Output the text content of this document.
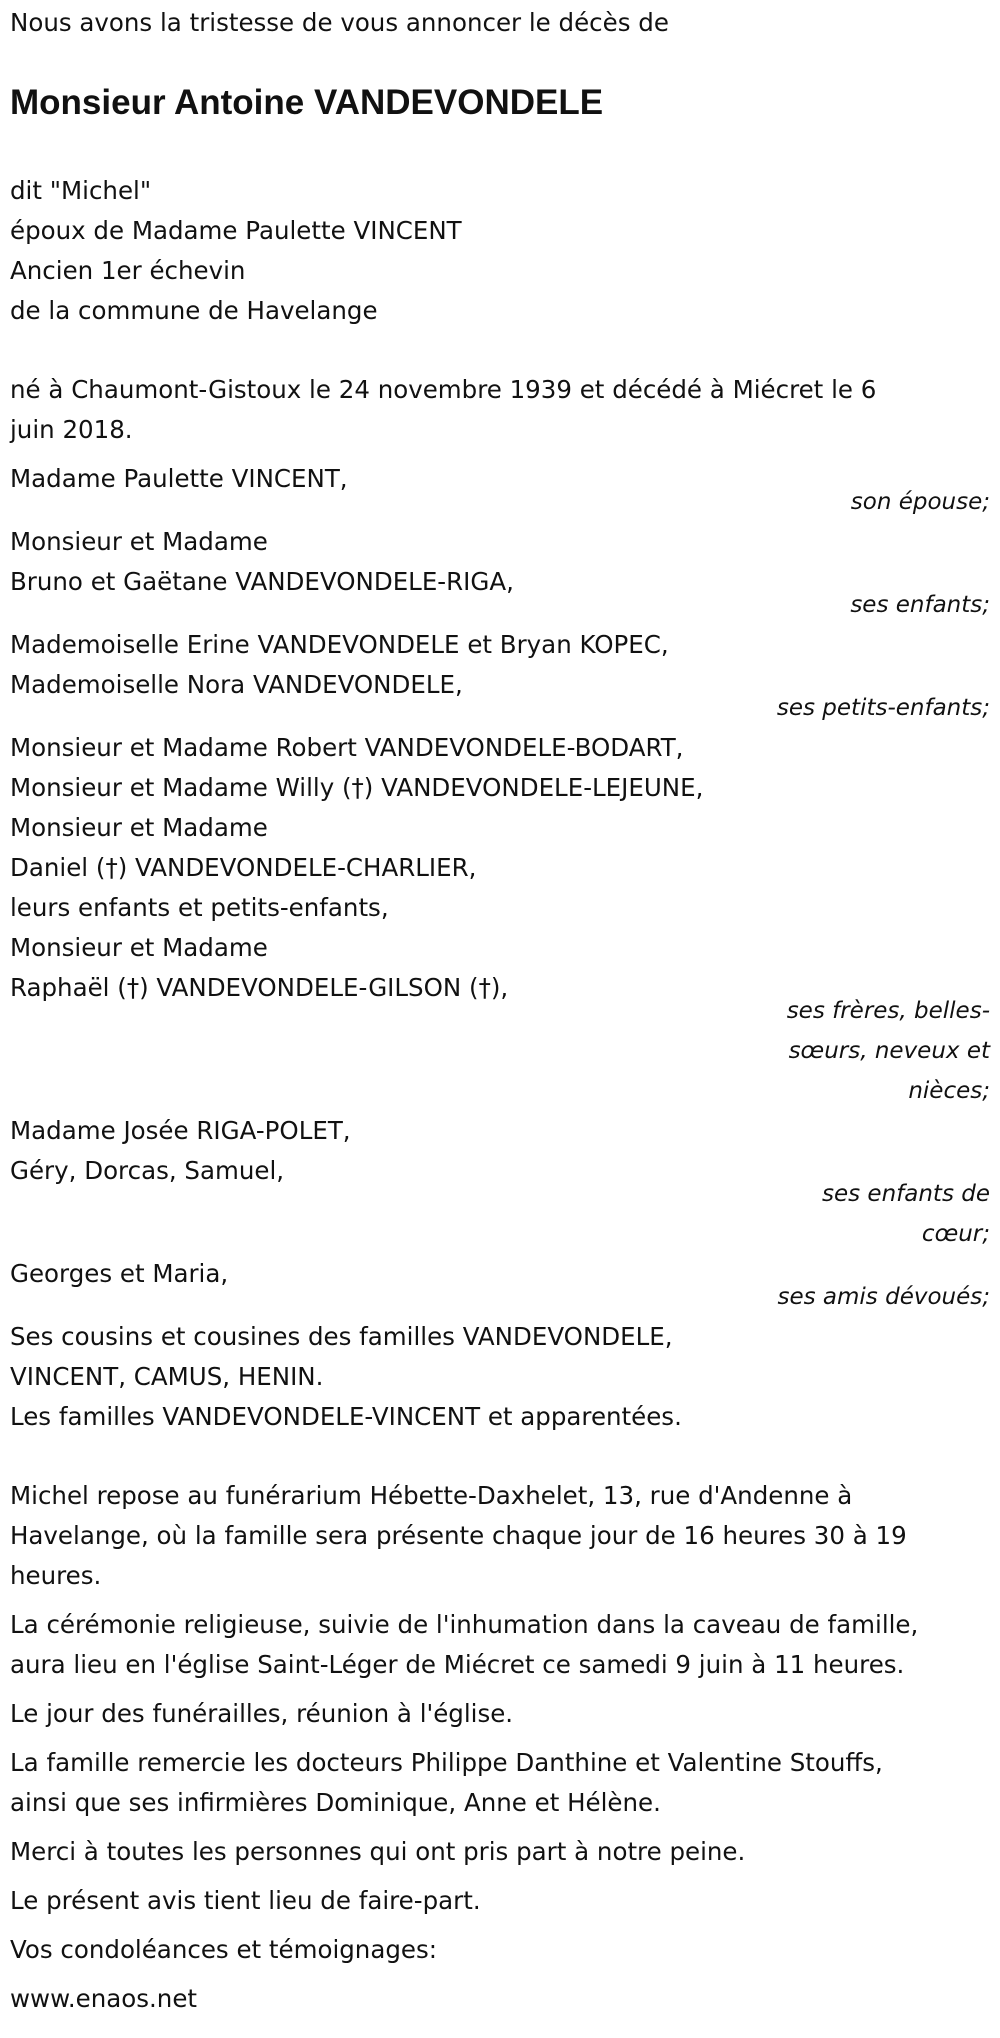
Nous avons la tristesse de vous annoncer le décès de
Monsieur Antoine VANDEVONDELE
dit "Michel"
époux de Madame Paulette VINCENT
Ancien 1er échevin
de la commune de Havelange
né à Chaumont-Gistoux le 24 novembre 1939 et décédé à Miécret le 6
juin 2018.
Madame Paulette VINCENT,
son épouse;
Monsieur et Madame
Bruno et Gaëtane VANDEVONDELE-RIGA,
ses enfants;
Mademoiselle Erine VANDEVONDELE et Bryan KOPEC,
Mademoiselle Nora VANDEVONDELE,
ses petits-enfants;
Monsieur et Madame Robert VANDEVONDELE-BODART,
Monsieur et Madame Willy (†) VANDEVONDELE-LEJEUNE,
Monsieur et Madame
Daniel (†) VANDEVONDELE-CHARLIER,
leurs enfants et petits-enfants,
Monsieur et Madame
Raphaël (†) VANDEVONDELE-GILSON (†),
ses frères, belles-
sœurs, neveux et
nièces;
Madame Josée RIGA-POLET,
Géry, Dorcas, Samuel,
ses enfants de
cœur;
Georges et Maria,
ses amis dévoués;
Ses cousins et cousines des familles VANDEVONDELE,
VINCENT, CAMUS, HENIN.
Les familles VANDEVONDELE-VINCENT et apparentées.
Michel repose au funérarium Hébette-Daxhelet, 13, rue d'Andenne à
Havelange, où la famille sera présente chaque jour de 16 heures 30 à 19
heures.
La cérémonie religieuse, suivie de l'inhumation dans la caveau de famille,
aura lieu en l'église Saint-Léger de Miécret ce samedi 9 juin à 11 heures.
Le jour des funérailles, réunion à l'église.
La famille remercie les docteurs Philippe Danthine et Valentine Stouffs,
ainsi que ses infirmières Dominique, Anne et Hélène.
Merci à toutes les personnes qui ont pris part à notre peine.
Le présent avis tient lieu de faire-part.
Vos condoléances et témoignages:
www.enaos.net
